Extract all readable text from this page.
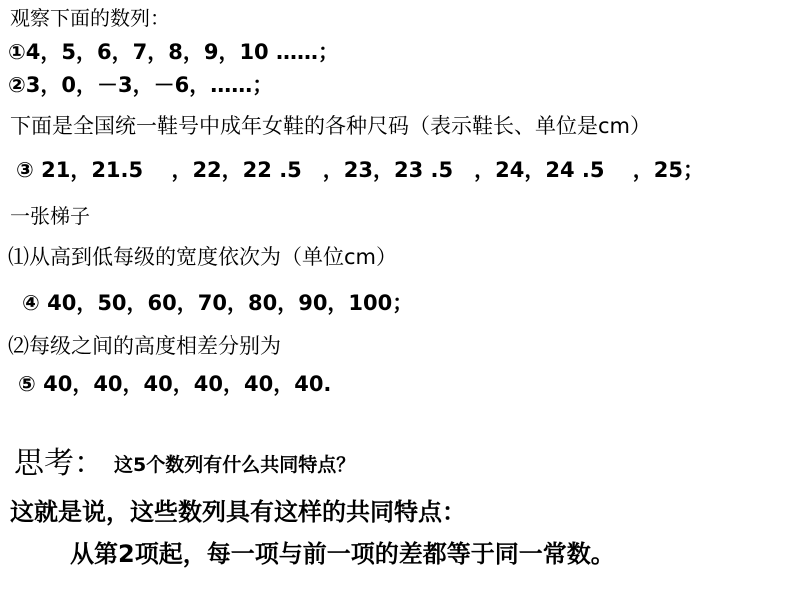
观察下面的数列：
①4，5，6，7，8，9，10 ……；
②3，0，－3，－6，……；
下面是全国统一鞋号中成年女鞋的各种尺码（表示鞋长、单位是cm）
③ 21，21.5　 ，22，22 .5　，23，23 .5　，24，24 .5　 ，25；
一张梯子
⑴从高到低每级的宽度依次为（单位cm）
④ 40，50，60，70，80，90，100；
⑵每级之间的高度相差分别为
⑤ 40，40，40，40，40，40.
思考： 这5个数列有什么共同特点？
这就是说，这些数列具有这样的共同特点：
从第2项起，每一项与前一项的差都等于同一常数。
